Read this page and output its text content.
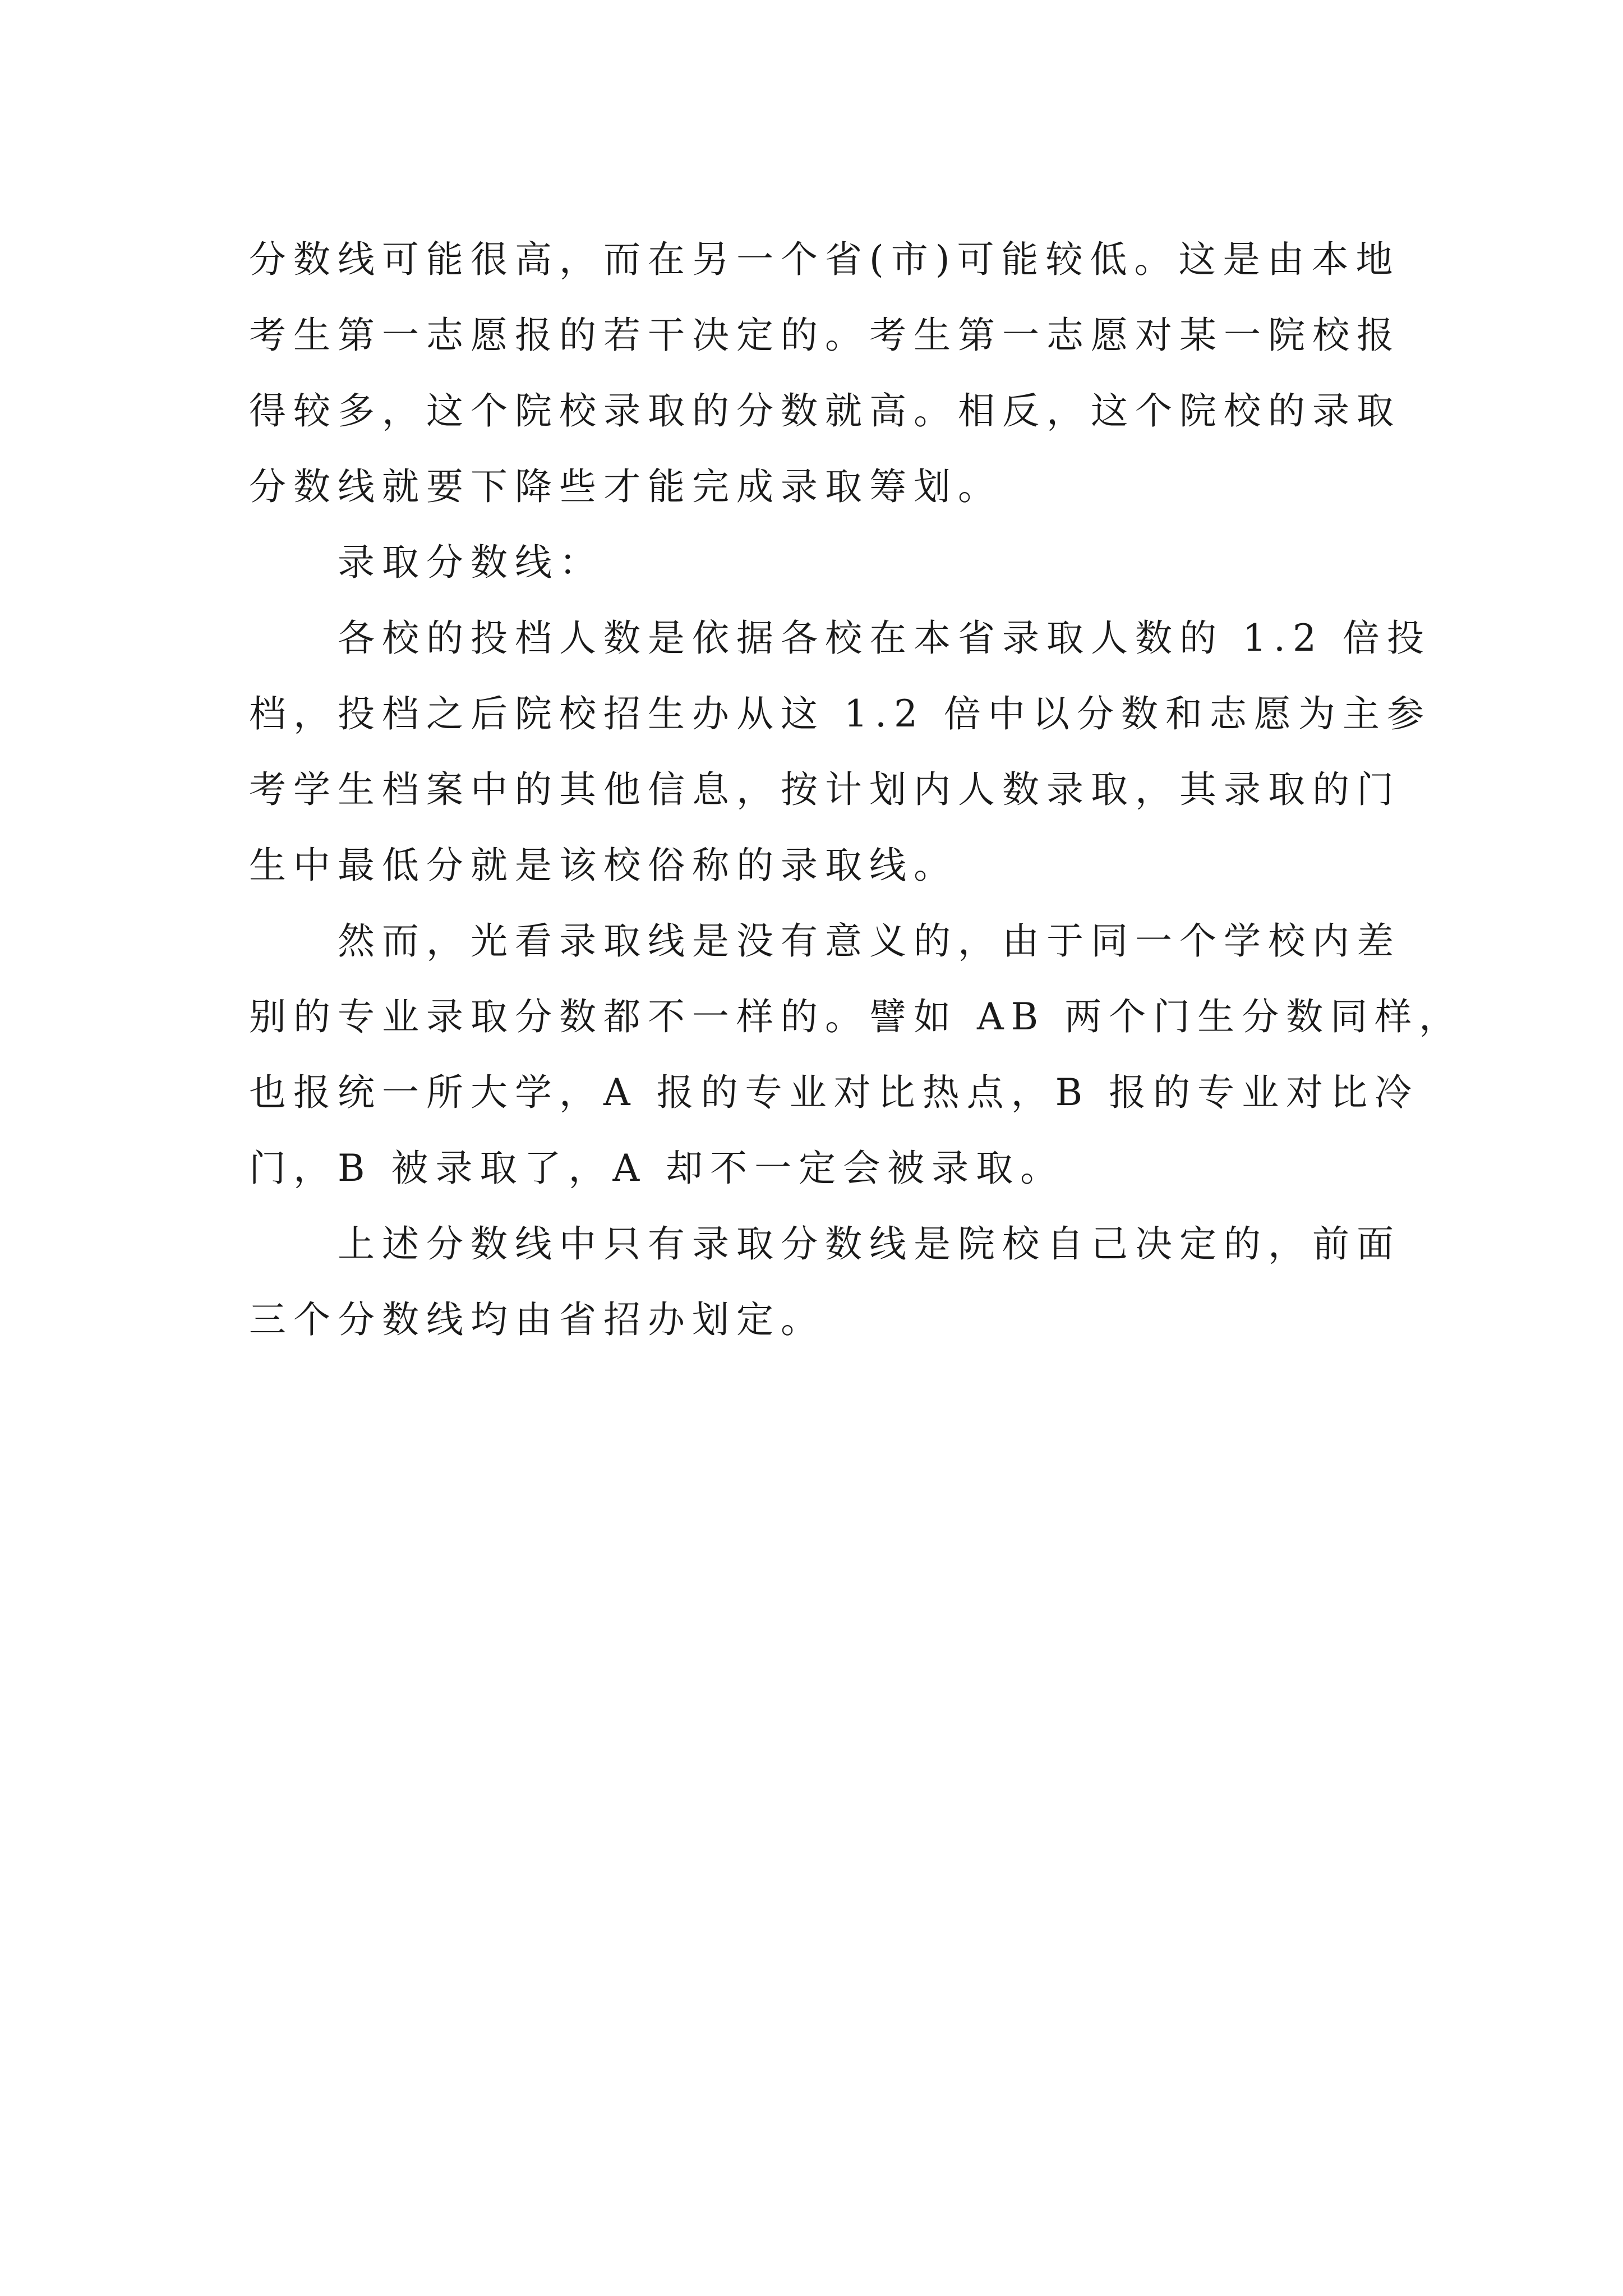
分数线可能很高，而在另一个省(市)可能较低。这是由本地
考生第一志愿报的若干决定的。考生第一志愿对某一院校报
得较多，这个院校录取的分数就高。相反，这个院校的录取
分数线就要下降些才能完成录取筹划。
录取分数线：
各校的投档人数是依据各校在本省录取人数的 1.2 倍投
档，投档之后院校招生办从这 1.2 倍中以分数和志愿为主参
考学生档案中的其他信息，按计划内人数录取，其录取的门
生中最低分就是该校俗称的录取线。
然而，光看录取线是没有意义的，由于同一个学校内差
别的专业录取分数都不一样的。譬如 AB 两个门生分数同样，
也报统一所大学，A 报的专业对比热点，B 报的专业对比冷
门，B 被录取了，A 却不一定会被录取。
上述分数线中只有录取分数线是院校自己决定的，前面
三个分数线均由省招办划定。
